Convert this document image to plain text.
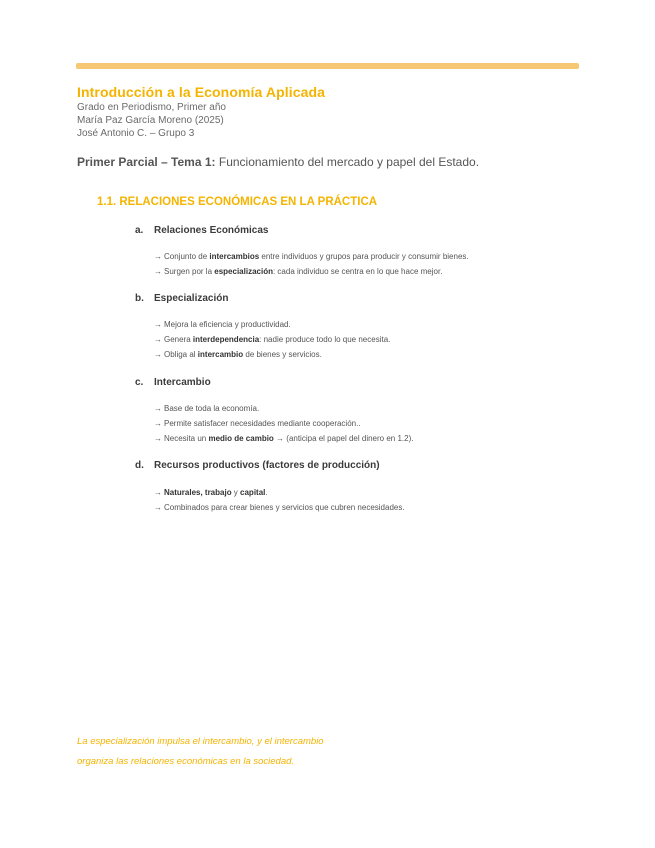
Introducción a la Economía Aplicada
Grado en Periodismo, Primer año
María Paz García Moreno (2025)
José Antonio C. – Grupo 3
Primer Parcial – Tema 1: Funcionamiento del mercado y papel del Estado.
1.1. RELACIONES ECONÓMICAS EN LA PRÁCTICA
a. Relaciones Económicas
→ Conjunto de intercambios entre individuos y grupos para producir y consumir bienes.
→ Surgen por la especialización: cada individuo se centra en lo que hace mejor.
b. Especialización
→ Mejora la eficiencia y productividad.
→ Genera interdependencia: nadie produce todo lo que necesita.
→ Obliga al intercambio de bienes y servicios.
c. Intercambio
→ Base de toda la economía.
→ Permite satisfacer necesidades mediante cooperación..
→ Necesita un medio de cambio → (anticipa el papel del dinero en 1.2).
d. Recursos productivos (factores de producción)
→ Naturales, trabajo y capital.
→ Combinados para crear bienes y servicios que cubren necesidades.
La especialización impulsa el intercambio, y el intercambio
organiza las relaciones económicas en la sociedad.
